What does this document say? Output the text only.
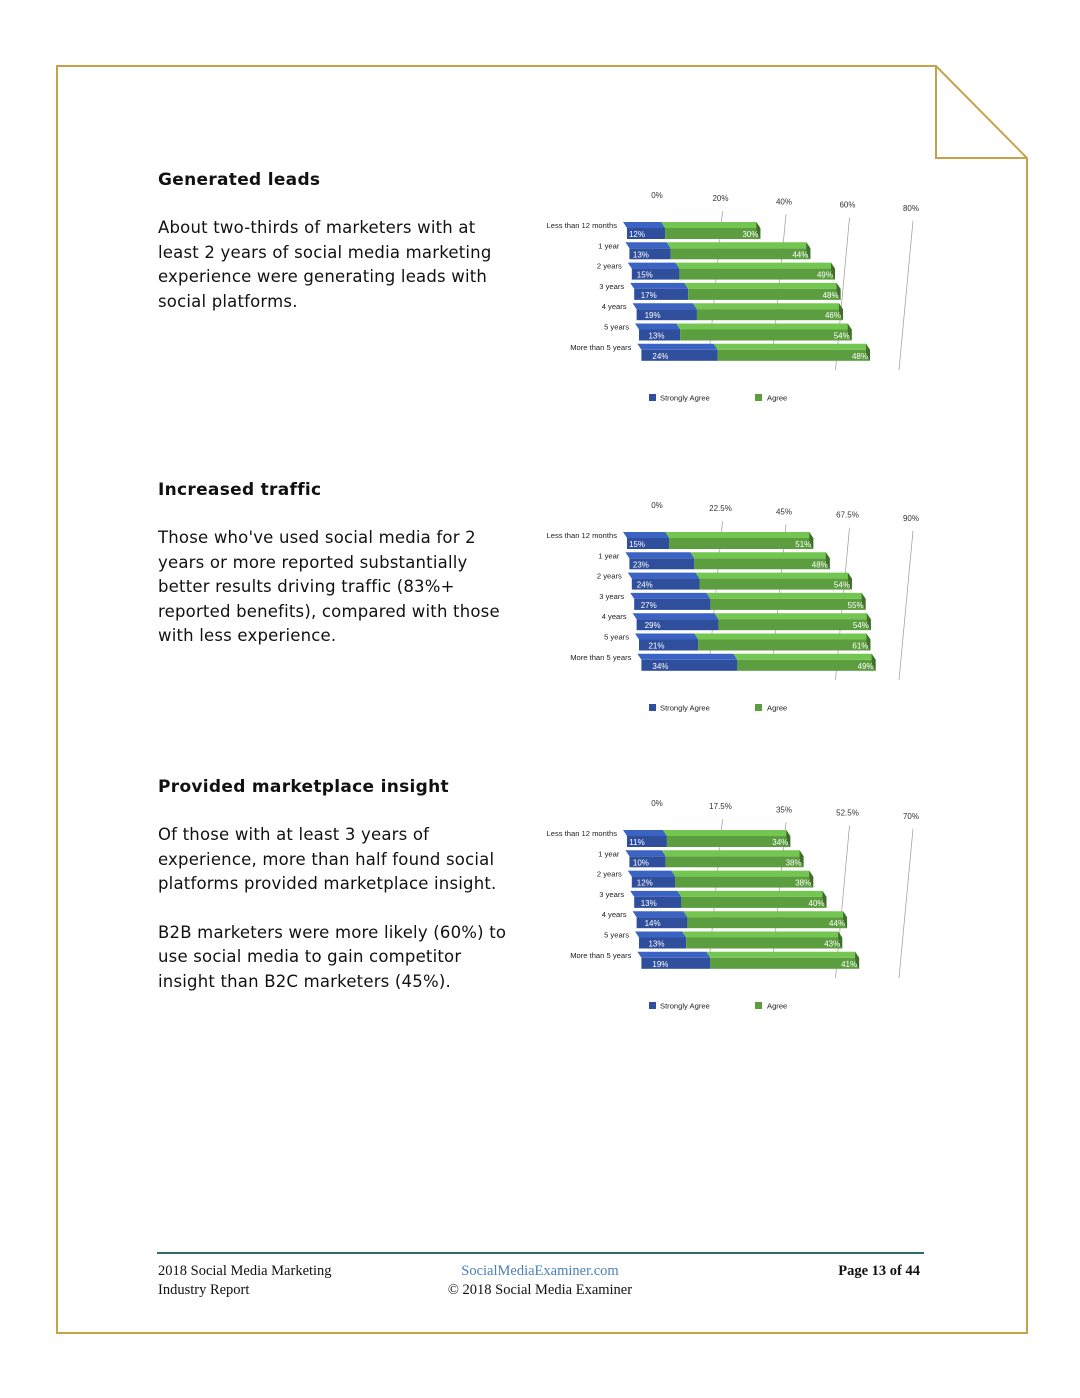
Generated leads

About two-thirds of marketers with at least 2 years of social media marketing experience were generating leads with social platforms.

Increased traffic

Those who've used social media for 2 years or more reported substantially better results driving traffic (83%+ reported benefits), compared with those with less experience.

Provided marketplace insight

Of those with at least 3 years of experience, more than half found social platforms provided marketplace insight.

B2B marketers were more likely (60%) to use social media to gain competitor insight than B2C marketers (45%).

0%	20%	40%	60%	80%
Less than 12 months
12%	30%
1 year
13%	44%
2 years
15%	49%
3 years
17%	48%
4 years
19%	46%
5 years
13%	54%
More than 5 years
24%	48%
Strongly Agree	Agree
0%	22.5%	45%	67.5%	90%
Less than 12 months
15%	51%
1 year
23%	48%
2 years
24%	54%
3 years
27%	55%
4 years
29%	54%
5 years
21%	61%
More than 5 years
34%	49%
Strongly Agree	Agree
0%	17.5%	35%	52.5%	70%
Less than 12 months
11%	34%
1 year
10%	38%
2 years
12%	38%
3 years
13%	40%
4 years
14%	44%
5 years
13%	43%
More than 5 years
19%	41%
Strongly Agree	Agree
2018 Social Media Marketing
Industry Report
SocialMediaExaminer.com
© 2018 Social Media Examiner
Page 13 of 44
